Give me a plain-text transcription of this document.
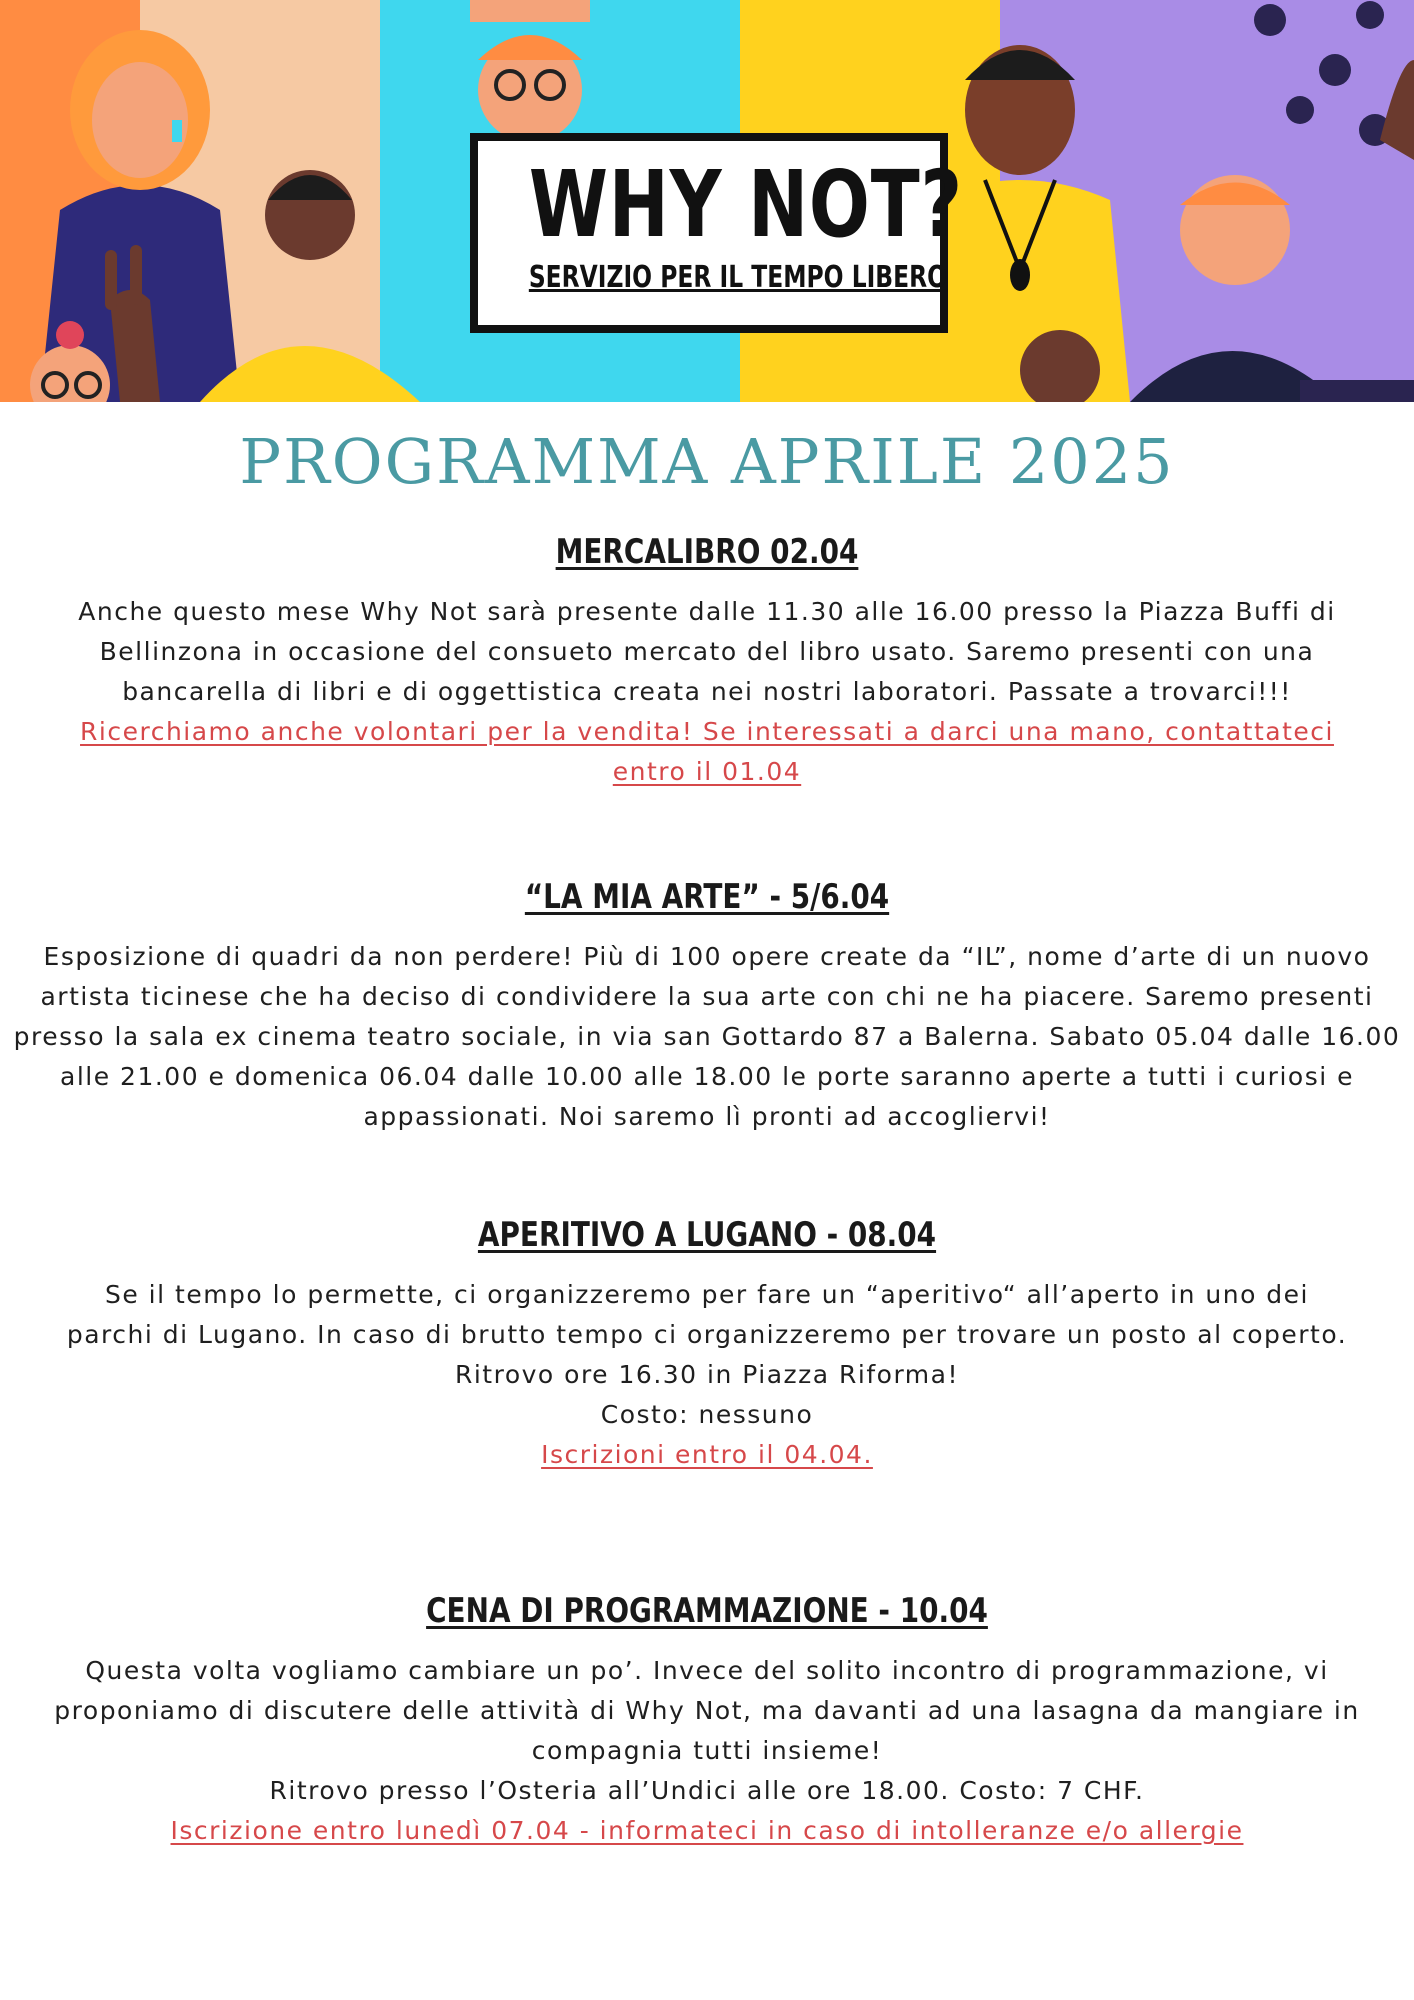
WHY NOT?
SERVIZIO PER IL TEMPO LIBERO
PROGRAMMA APRILE 2025
MERCALIBRO 02.04

Anche questo mese Why Not sarà presente dalle 11.30 alle 16.00 presso la Piazza Buffi di Bellinzona in occasione del consueto mercato del libro usato. Saremo presenti con una bancarella di libri e di oggettistica creata nei nostri laboratori. Passate a trovarci!!!
Ricerchiamo anche volontari per la vendita! Se interessati a darci una mano, contattateci entro il 01.04

“LA MIA ARTE” - 5/6.04

Esposizione di quadri da non perdere! Più di 100 opere create da “IL”, nome d’arte di un nuovo artista ticinese che ha deciso di condividere la sua arte con chi ne ha piacere. Saremo presenti presso la sala ex cinema teatro sociale, in via san Gottardo 87 a Balerna. Sabato 05.04 dalle 16.00 alle 21.00 e domenica 06.04 dalle 10.00 alle 18.00 le porte saranno aperte a tutti i curiosi e appassionati. Noi saremo lì pronti ad accogliervi!

APERITIVO A LUGANO - 08.04

Se il tempo lo permette, ci organizzeremo per fare un “aperitivo“ all’aperto in uno dei parchi di Lugano. In caso di brutto tempo ci organizzeremo per trovare un posto al coperto. Ritrovo ore 16.30 in Piazza Riforma!
Costo: nessuno
Iscrizioni entro il 04.04.

CENA DI PROGRAMMAZIONE - 10.04

Questa volta vogliamo cambiare un po’. Invece del solito incontro di programmazione, vi proponiamo di discutere delle attività di Why Not, ma davanti ad una lasagna da mangiare in compagnia tutti insieme!
Ritrovo presso l’Osteria all’Undici alle ore 18.00. Costo: 7 CHF.
Iscrizione entro lunedì 07.04 - informateci in caso di intolleranze e/o allergie
